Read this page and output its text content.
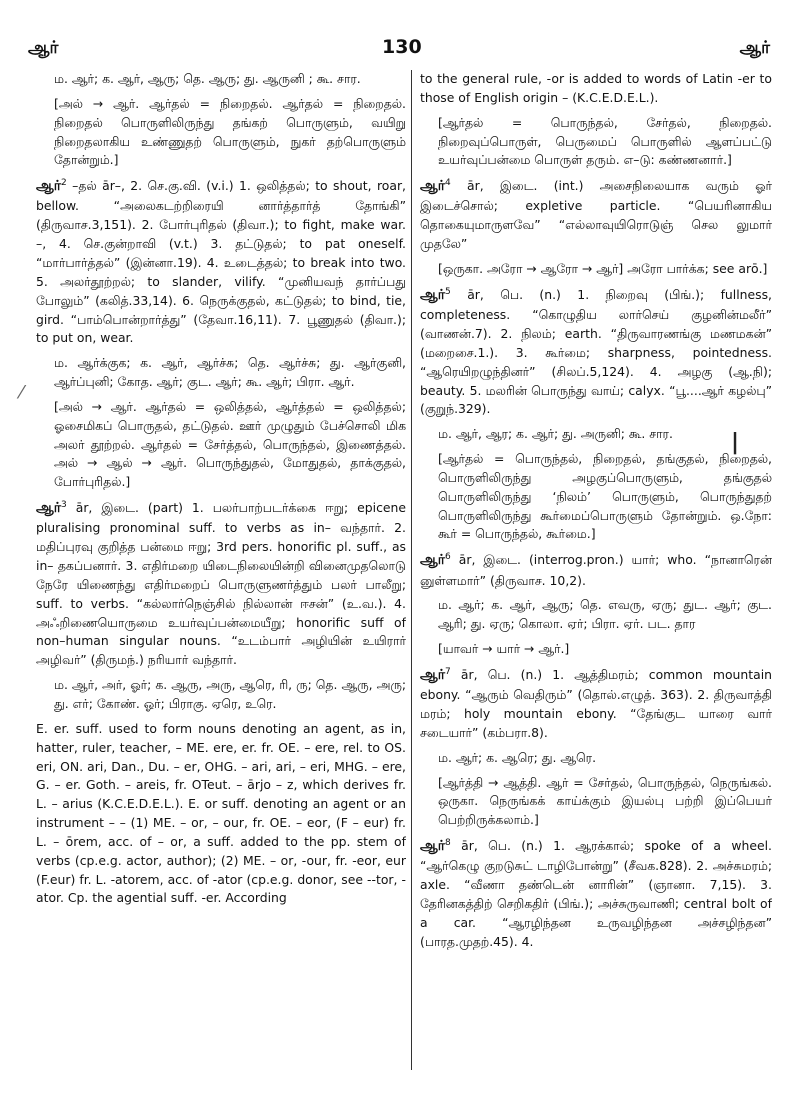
ஆர்	130	ஆர்
⁄
|

ம. ஆர்; க. ஆர், ஆரு; தெ. ஆரு; து. ஆருனி ; கூ. சார.

[அல் → ஆர். ஆர்தல் = நிறைதல். ஆர்தல் = நிறைதல். நிறைதல் பொருளிலிருந்து தங்கற் பொருளும், வயிறு நிறைதலாகிய உண்ணுதற் பொருளும், நுகர் தற்பொருளும் தோன்றும்.]

ஆர்$^2$ –தல் ār–, 2. செ.கு.வி. (v.i.) 1. ஒலித்தல்; to shout, roar, bellow. “அலைகடற்றிரையி னார்த்தார்த் தோங்கி” (திருவாச.3,151). 2. போர்புரிதல் (திவா.); to fight, make war. –, 4. செ.குன்றாவி (v.t.) 3. தட்டுதல்; to pat oneself. “மார்பார்த்தல்” (இன்னா.19). 4. உடைத்தல்; to break into two. 5. அலர்தூற்றல்; to slander, vilify. “முனியவந் தார்ப்பது போலும்” (கலித்.33,14). 6. நெருக்குதல், கட்டுதல்; to bind, tie, gird. “பாம்பொன்றார்த்து” (தேவா.16,11). 7. பூணுதல் (திவா.); to put on, wear.

ம. ஆர்க்குக; க. ஆர், ஆர்ச்சு; தெ. ஆர்ச்சு; து. ஆர்குனி, ஆர்ப்புனி; கோத. ஆர்; குட. ஆர்; கூ. ஆர்; பிரா. ஆர்.

[அல் → ஆர். ஆர்தல் = ஒலித்தல், ஆர்த்தல் = ஒலித்தல்; ஓசைமிகப் பொருதல், தட்டுதல். ஊர் முழுதும் பேச்சொலி மிக அலர் தூற்றல். ஆர்தல் = சேர்த்தல், பொருந்தல், இணைத்தல். அல் → ஆல் → ஆர். பொருந்துதல், மோதுதல், தாக்குதல், போர்புரிதல்.]

ஆர்$^3$ ār, இடை. (part) 1. பலர்பாற்படர்க்கை ஈறு; epicene pluralising pronominal suff. to verbs as in– வந்தார். 2. மதிப்புரவு குறித்த பன்மை ஈறு; 3rd pers. honorific pl. suff., as in– தகப்பனார். 3. எதிர்மறை யிடைநிலையின்றி வினைமுதலொடு நேரே யிணைந்து எதிர்மறைப் பொருளுணர்த்தும் பலர் பாலீறு; suff. to verbs. “கல்லார்நெஞ்சில் நில்லான் ஈசன்” (உ.வ.). 4. அஃறிணையொருமை உயர்வுப்பன்மையீறு; honorific suff of non–human singular nouns. “உடம்பார் அழியின் உயிரார் அழிவர்” (திருமந்.) நரியார் வந்தார்.

ம. ஆர், அர், ஓர்; க. ஆரு, அரு, ஆரெ, ரி, ரு; தெ. ஆரு, அரு; து. எர்; கோண். ஓர்; பிராகு. ஏரெ, உரெ.

E. er. suff. used to form nouns denoting an agent, as in, hatter, ruler, teacher, – ME. ere, er. fr. OE. – ere, rel. to OS. eri, ON. ari, Dan., Du. – er, OHG. – ari, ari, – eri, MHG. – ere, G. – er. Goth. – areis, fr. OTeut. – ārjo – z, which derives fr. L. – arius (K.C.E.D.E.L.). E. or suff. denoting an agent or an instrument – – (1) ME. – or, – our, fr. OE. – eor, (F – eur) fr. L. – ōrem, acc. of – or, a suff. added to the pp. stem of verbs (cp.e.g. actor, author); (2) ME. – or, -our, fr. -eor, eur (F.eur) fr. L. -atorem, acc. of -ator (cp.e.g. donor, see --tor, -ator. Cp. the agential suff. -er. According

to the general rule, -or is added to words of Latin -er to those of English origin – (K.C.E.D.E.L.).

[ஆர்தல் = பொருந்தல், சேர்தல், நிறைதல். நிறைவுப்பொருள், பெருமைப் பொருளில் ஆளப்பட்டு உயர்வுப்பன்மை பொருள் தரும். எ–டு: கண்ணனார்.]

ஆர்$^4$ ār, இடை. (int.) அசைநிலையாக வரும் ஓர் இடைச்சொல்; expletive particle. “பெயரினாகிய தொகையுமாருளவே” “எல்லாவுயிரொடுஞ் செல லுமார் முதலே”

[ஒருகா. அரோ → ஆரோ → ஆர்] அரோ பார்க்க; see arō.]

ஆர்$^5$ ār, பெ. (n.) 1. நிறைவு (பிங்.); fullness, completeness. “கொழுதிய லார்செய் குழனின்மலீர்” (வாணன்.7). 2. நிலம்; earth. “திருவாரணங்கு மணமகன்” (மறைசை.1.). 3. கூர்மை; sharpness, pointedness. “ஆரெயிறழுந்தினர்” (சிலப்.5,124). 4. அழகு (ஆ.நி); beauty. 5. மலரின் பொருந்து வாய்; calyx. “பூ....ஆர் கழல்பு” (குறுந்.329).

ம. ஆர், ஆர; க. ஆர்; து. அருனி; கூ. சார.

[ஆர்தல் = பொருந்தல், நிறைதல், தங்குதல், நிறைதல், பொருளிலிருந்து அழகுப்பொருளும், தங்குதல் பொருளிலிருந்து ‘நிலம்’ பொருளும், பொருந்துதற் பொருளிலிருந்து கூர்மைப்பொருளும் தோன்றும். ஒ.நோ: கூர் = பொருந்தல், கூர்மை.]

ஆர்$^6$ ār, இடை. (interrog.pron.) யார்; who. “நானாரென் னுள்ளமார்” (திருவாச. 10,2).

ம. ஆர்; க. ஆர், ஆரு; தெ. எவரு, ஏரு; துட. ஆர்; குட. ஆரி; து. ஏரு; கொலா. ஏர்; பிரா. ஏர். பட. தார

[யாவர் → யார் → ஆர்.]

ஆர்$^7$ ār, பெ. (n.) 1. ஆத்திமரம்; common mountain ebony. “ஆரும் வெதிரும்” (தொல்.எழுத். 363). 2. திருவாத்தி மரம்; holy mountain ebony. “தேங்குட யாரை வார் சடையார்” (கம்பரா.8).

ம. ஆர்; க. ஆரெ; து. ஆரெ.

[ஆர்த்தி → ஆத்தி. ஆர் = சேர்தல், பொருந்தல், நெருங்கல். ஒருகா. நெருங்கக் காய்க்கும் இயல்பு பற்றி இப்பெயர் பெற்றிருக்கலாம்.]

ஆர்$^8$ ār, பெ. (n.) 1. ஆரக்கால்; spoke of a wheel. “ஆர்கெழு குறடுசுட் டாழிபோன்று” (சீவக.828). 2. அச்சுமரம்; axle. “வீணா தண்டென் னாரின்” (ஞானா. 7,15). 3. தேரினகத்திற் செறிகதிர் (பிங்.); அச்சுருவாணி; central bolt of a car. “ஆரழிந்தன உருவழிந்தன அச்சழிந்தன” (பாரத.முதற்.45). 4.
